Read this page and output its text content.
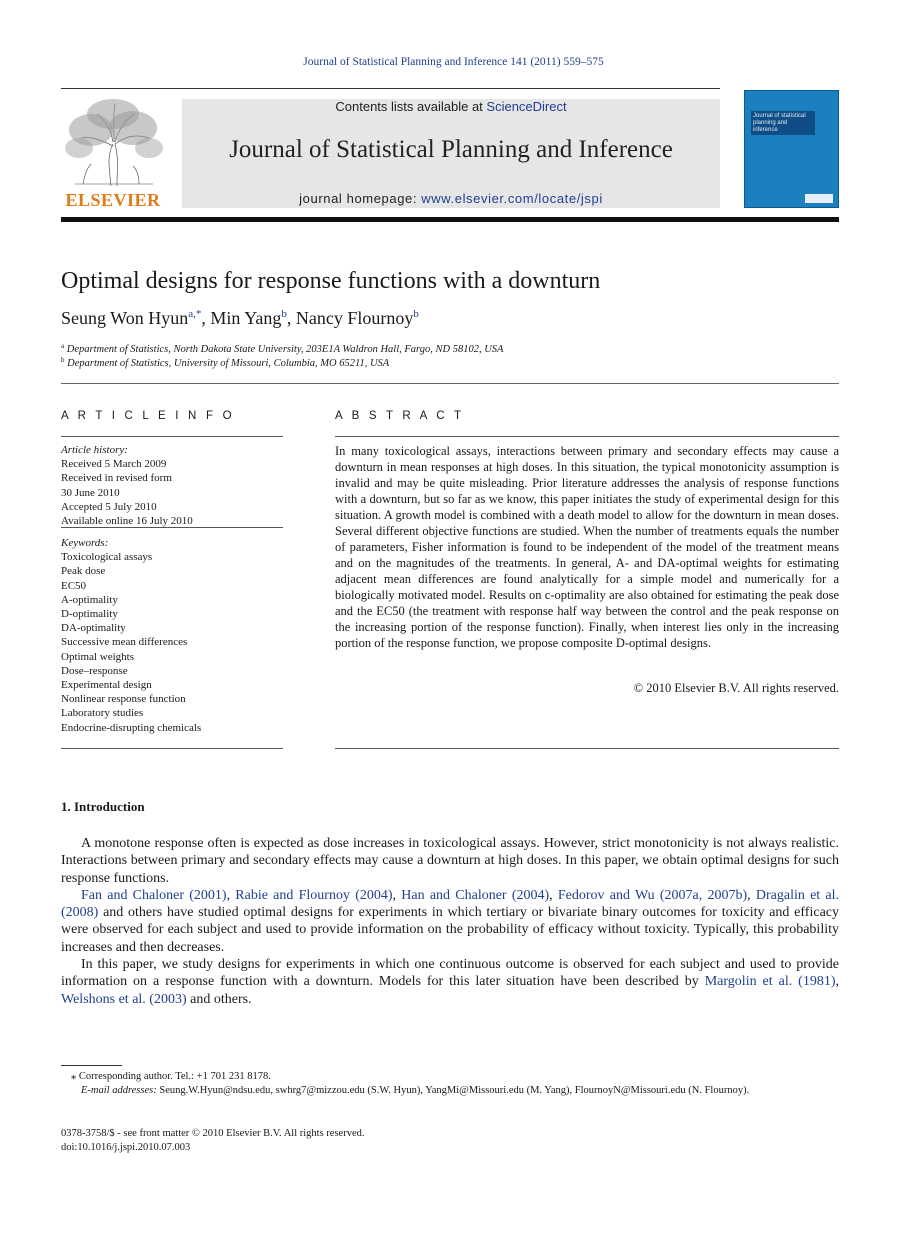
Journal of Statistical Planning and Inference 141 (2011) 559–575
ELSEVIER
Contents lists available at ScienceDirect
Journal of Statistical Planning and Inference
journal homepage: www.elsevier.com/locate/jspi
Journal of statistical planning and inference
Optimal designs for response functions with a downturn
Seung Won Hyun$^{a,*}$, Min Yang$^b$, Nancy Flournoy$^b$
$^a$ Department of Statistics, North Dakota State University, 203E1A Waldron Hall, Fargo, ND 58102, USA
$^b$ Department of Statistics, University of Missouri, Columbia, MO 65211, USA
A R T I C L E I N F O
Article history:
Received 5 March 2009
Received in revised form
30 June 2010
Accepted 5 July 2010
Available online 16 July 2010
Keywords:
Toxicological assays
Peak dose
EC50
A-optimality
D-optimality
DA-optimality
Successive mean differences
Optimal weights
Dose–response
Experimental design
Nonlinear response function
Laboratory studies
Endocrine-disrupting chemicals
A B S T R A C T
In many toxicological assays, interactions between primary and secondary effects may cause a downturn in mean responses at high doses. In this situation, the typical monotonicity assumption is invalid and may be quite misleading. Prior literature addresses the analysis of response functions with a downturn, but so far as we know, this paper initiates the study of experimental design for this situation. A growth model is combined with a death model to allow for the downturn in mean doses. Several different objective functions are studied. When the number of treatments equals the number of parameters, Fisher information is found to be independent of the model of the treatment means and on the magnitudes of the treatments. In general, A- and DA-optimal weights for estimating adjacent mean differences are found analytically for a simple model and numerically for a biologically motivated model. Results on c-optimality are also obtained for estimating the peak dose and the EC50 (the treatment with response half way between the control and the peak response on the increasing portion of the response function). Finally, when interest lies only in the increasing portion of the response function, we propose composite D-optimal designs.
© 2010 Elsevier B.V. All rights reserved.
1. Introduction

A monotone response often is expected as dose increases in toxicological assays. However, strict monotonicity is not always realistic. Interactions between primary and secondary effects may cause a downturn at high doses. In this paper, we obtain optimal designs for such response functions.

Fan and Chaloner (2001), Rabie and Flournoy (2004), Han and Chaloner (2004), Fedorov and Wu (2007a, 2007b), Dragalin et al. (2008) and others have studied optimal designs for experiments in which tertiary or bivariate binary outcomes for toxicity and efficacy were observed for each subject and used to provide information on the probability of efficacy without toxicity. Typically, this probability increases and then decreases.

In this paper, we study designs for experiments in which one continuous outcome is observed for each subject and used to provide information on a response function with a downturn. Models for this later situation have been described by Margolin et al. (1981), Welshons et al. (2003) and others.

⁎ Corresponding author. Tel.: +1 701 231 8178.
E-mail addresses: Seung.W.Hyun@ndsu.edu, swhrg7@mizzou.edu (S.W. Hyun), YangMi@Missouri.edu (M. Yang), FlournoyN@Missouri.edu (N. Flournoy).
0378-3758/$ - see front matter © 2010 Elsevier B.V. All rights reserved.
doi:10.1016/j.jspi.2010.07.003
